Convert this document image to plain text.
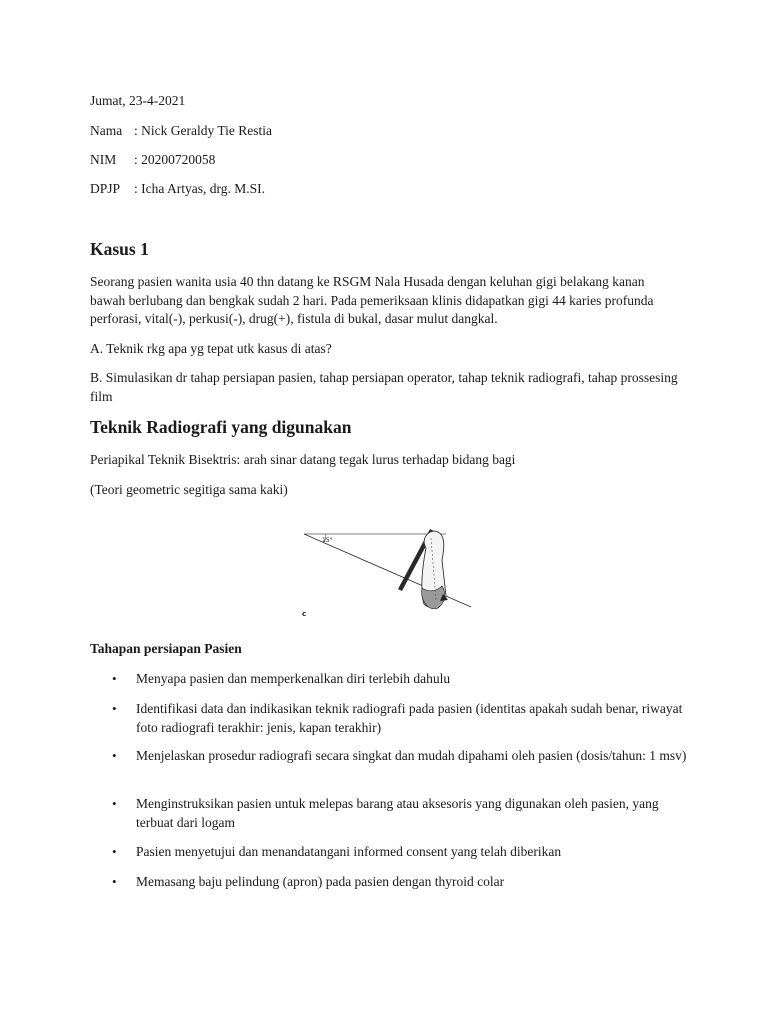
Jumat, 23-4-2021
Nama : Nick Geraldy Tie Restia
NIM : 20200720058
DPJP : Icha Artyas, drg. M.SI.
Kasus 1
Seorang pasien wanita usia 40 thn datang ke RSGM Nala Husada dengan keluhan gigi belakang kanan bawah berlubang dan bengkak sudah 2 hari. Pada pemeriksaan klinis didapatkan gigi 44 karies profunda perforasi, vital(-), perkusi(-), drug(+), fistula di bukal, dasar mulut dangkal.
A. Teknik rkg apa yg tepat utk kasus di atas?
B. Simulasikan dr tahap persiapan pasien, tahap persiapan operator, tahap teknik radiografi, tahap prossesing film
Teknik Radiografi yang digunakan
Periapikal Teknik Bisektris: arah sinar datang tegak lurus terhadap bidang bagi
(Teori geometric segitiga sama kaki)
15°
c
Tahapan persiapan Pasien
• Menyapa pasien dan memperkenalkan diri terlebih dahulu
• Identifikasi data dan indikasikan teknik radiografi pada pasien (identitas apakah sudah benar, riwayat foto radiografi terakhir: jenis, kapan terakhir)
• Menjelaskan prosedur radiografi secara singkat dan mudah dipahami oleh pasien (dosis/tahun: 1 msv)
• Menginstruksikan pasien untuk melepas barang atau aksesoris yang digunakan oleh pasien, yang terbuat dari logam
• Pasien menyetujui dan menandatangani informed consent yang telah diberikan
• Memasang baju pelindung (apron) pada pasien dengan thyroid colar
